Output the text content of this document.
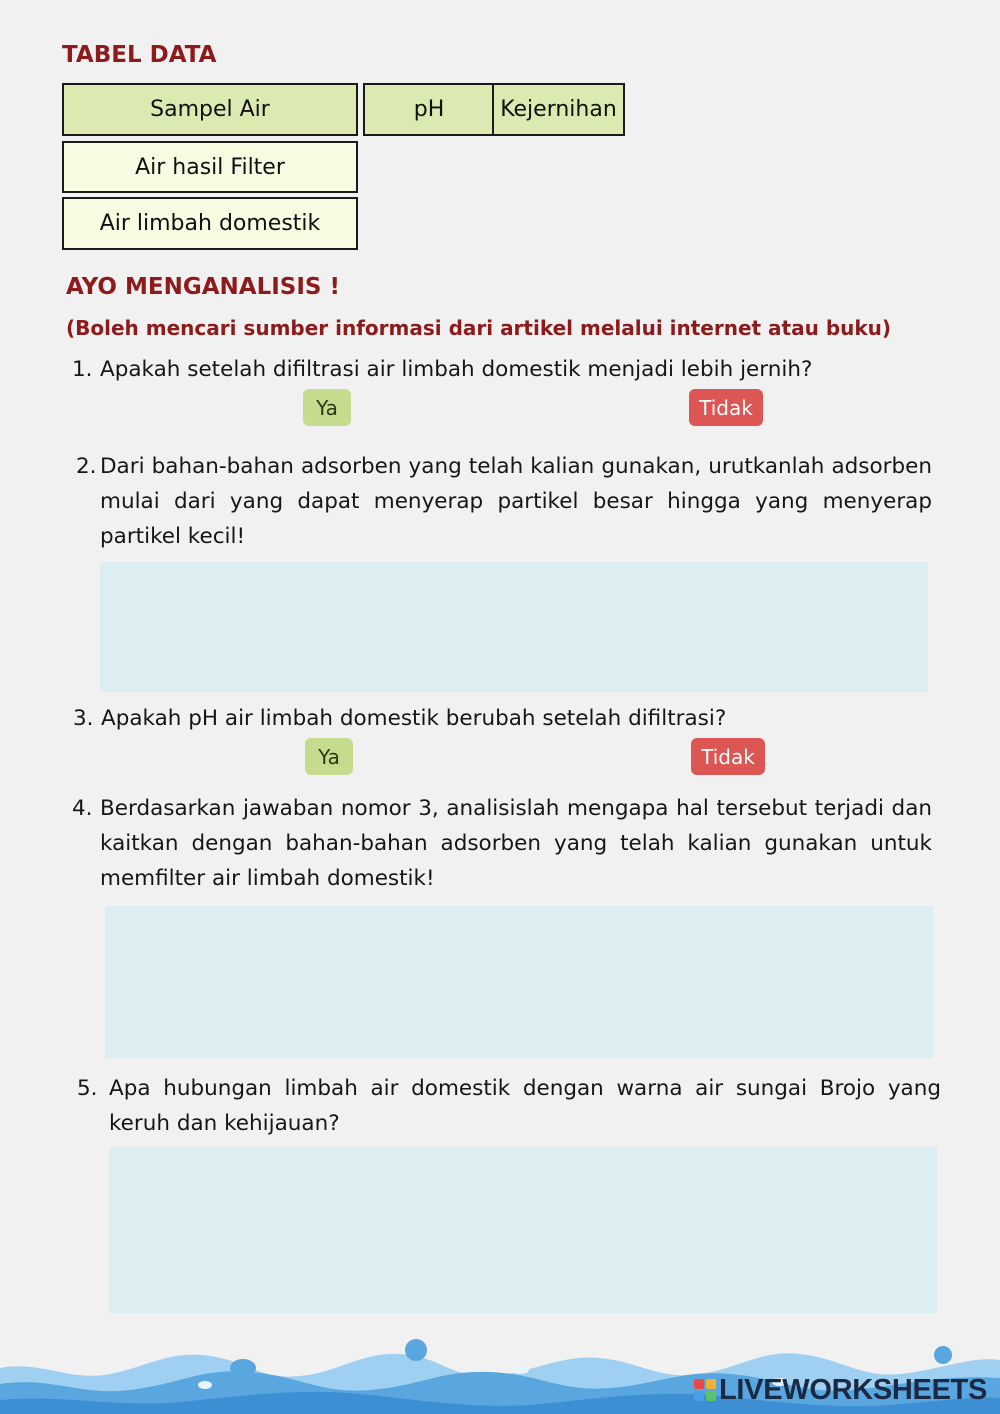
TABEL DATA
Sampel Air	pH	Kejernihan
Air hasil Filter
Air limbah domestik
AYO MENGANALISIS !
(Boleh mencari sumber informasi dari artikel melalui internet atau buku)
1. Apakah setelah difiltrasi air limbah domestik menjadi lebih jernih?
Ya	Tidak
2. Dari bahan-bahan adsorben yang telah kalian gunakan, urutkanlah adsorben mulai dari yang dapat menyerap partikel besar hingga yang menyerap partikel kecil!
3. Apakah pH air limbah domestik berubah setelah difiltrasi?
Ya	Tidak
4. Berdasarkan jawaban nomor 3, analisislah mengapa hal tersebut terjadi dan kaitkan dengan bahan-bahan adsorben yang telah kalian gunakan untuk memfilter air limbah domestik!
5. Apa hubungan limbah air domestik dengan warna air sungai Brojo yang keruh dan kehijauan?
LIVEWORKSHEETS
